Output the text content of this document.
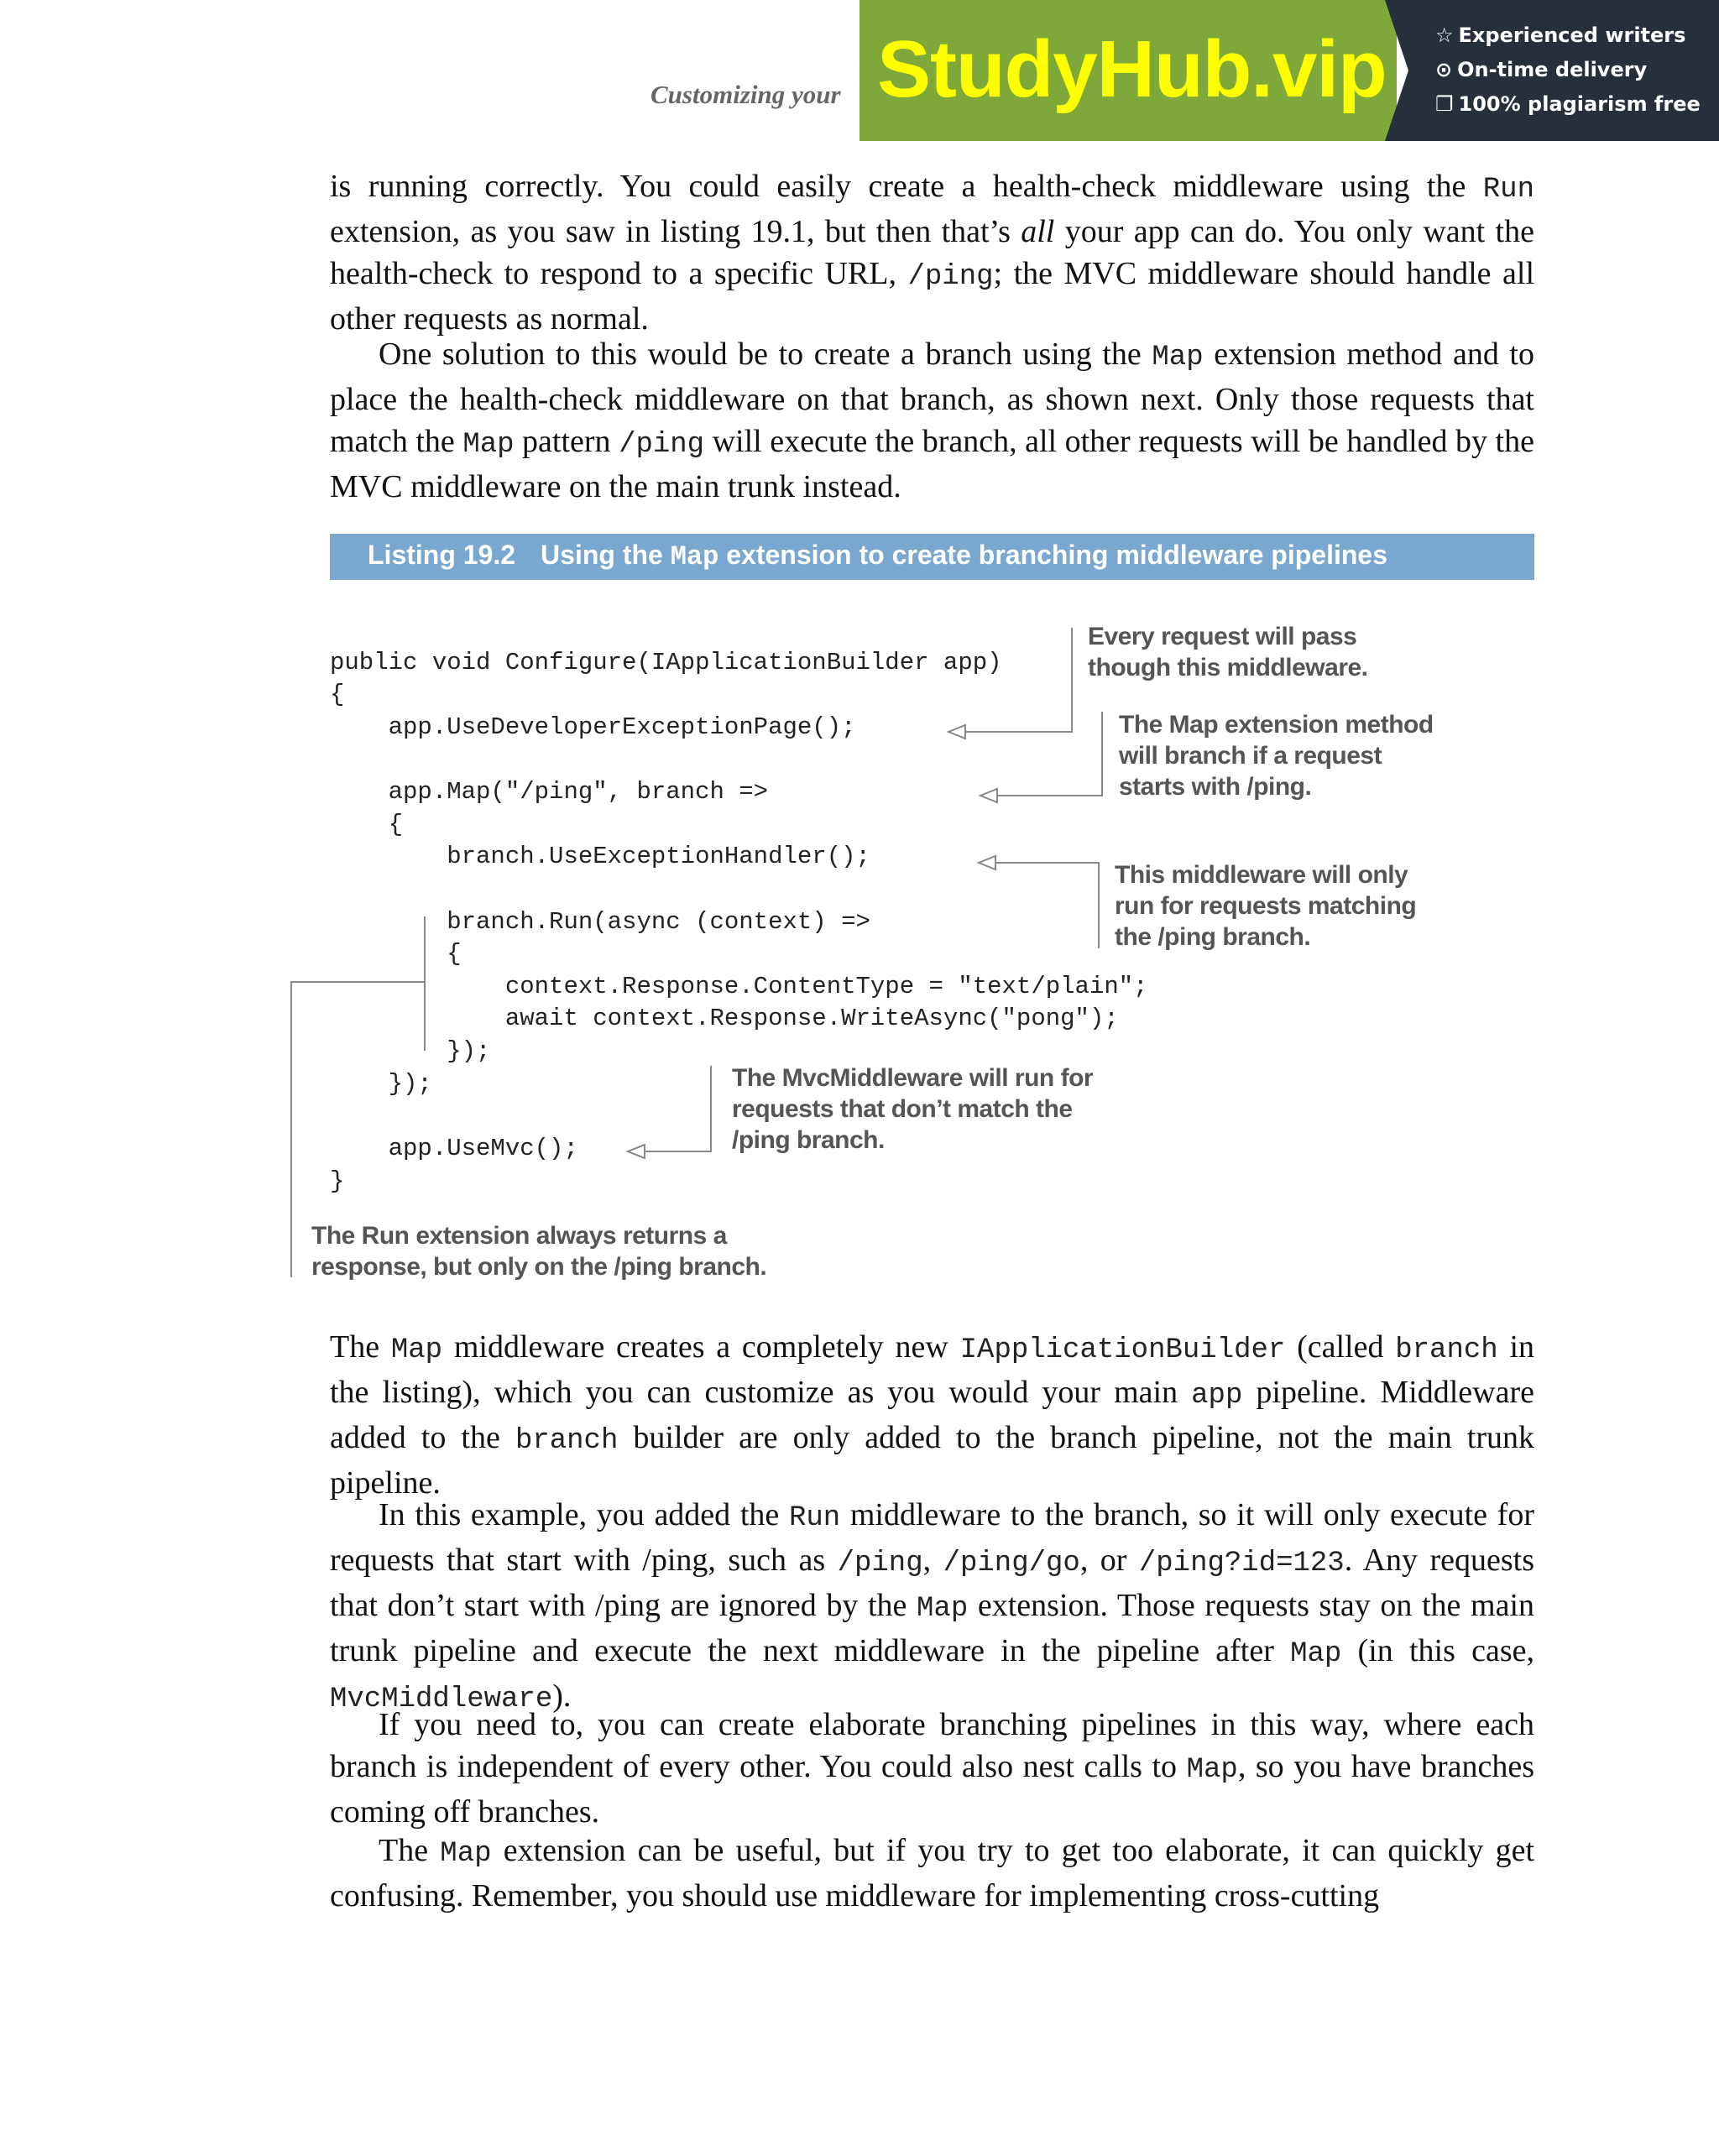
Customizing your StudyHub.vip ☆ Experienced writers
⊙ On-time delivery
❐ 100% plagiarism free

is running correctly. You could easily create a health-check middleware using the Run extension, as you saw in listing 19.1, but then that’s all your app can do. You only want the health-check to respond to a specific URL, /ping; the MVC middleware should handle all other requests as normal.

One solution to this would be to create a branch using the Map extension method and to place the health-check middleware on that branch, as shown next. Only those requests that match the Map pattern /ping will execute the branch, all other requests will be handled by the MVC middleware on the main trunk instead.

Listing 19.2 Using the Map extension to create branching middleware pipelines
public void Configure(IApplicationBuilder app)
{
app.UseDeveloperExceptionPage();
app.Map("/ping", branch =>
{
branch.UseExceptionHandler();
branch.Run(async (context) =>
{
context.Response.ContentType = "text/plain";
await context.Response.WriteAsync("pong");
});
});
app.UseMvc();
}
Every request will pass
though this middleware.
The Map extension method
will branch if a request
starts with /ping.
This middleware will only
run for requests matching
the /ping branch.
The MvcMiddleware will run for
requests that don’t match the
/ping branch.
The Run extension always returns a
response, but only on the /ping branch.

The Map middleware creates a completely new IApplicationBuilder (called branch in the listing), which you can customize as you would your main app pipeline. Middleware added to the branch builder are only added to the branch pipeline, not the main trunk pipeline.

In this example, you added the Run middleware to the branch, so it will only execute for requests that start with /ping, such as /ping, /ping/go, or /ping?id=123. Any requests that don’t start with /ping are ignored by the Map extension. Those requests stay on the main trunk pipeline and execute the next middleware in the pipeline after Map (in this case, MvcMiddleware).

If you need to, you can create elaborate branching pipelines in this way, where each branch is independent of every other. You could also nest calls to Map, so you have branches coming off branches.

The Map extension can be useful, but if you try to get too elaborate, it can quickly get confusing. Remember, you should use middleware for implementing cross-cutting
